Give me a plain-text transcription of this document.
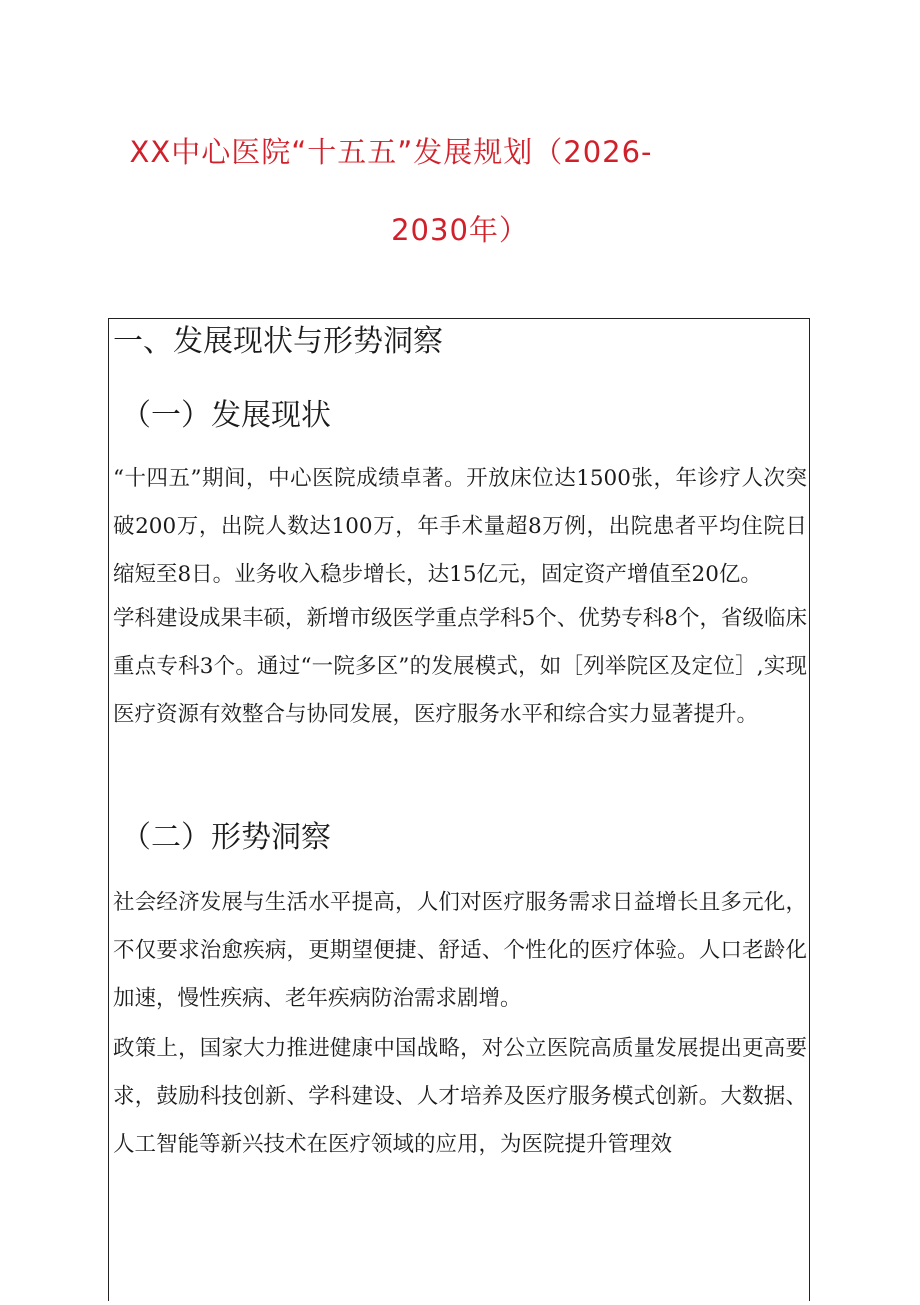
XX中心医院“十五五”发展规划（2026-
2030年）
一、发展现状与形势洞察
（一）发展现状

“十四五”期间，中心医院成绩卓著。开放床位达1500张，年诊疗人次突破200万，出院人数达100万，年手术量超8万例，出院患者平均住院日缩短至8日。业务收入稳步增长，达15亿元，固定资产增值至20亿。

学科建设成果丰硕，新增市级医学重点学科5个、优势专科8个，省级临床重点专科3个。通过“一院多区”的发展模式，如［列举院区及定位］,实现医疗资源有效整合与协同发展，医疗服务水平和综合实力显著提升。

（二）形势洞察

社会经济发展与生活水平提高，人们对医疗服务需求日益增长且多元化，不仅要求治愈疾病，更期望便捷、舒适、个性化的医疗体验。人口老龄化加速，慢性疾病、老年疾病防治需求剧增。

政策上，国家大力推进健康中国战略，对公立医院高质量发展提出更高要求，鼓励科技创新、学科建设、人才培养及医疗服务模式创新。大数据、人工智能等新兴技术在医疗领域的应用，为医院提升管理效
